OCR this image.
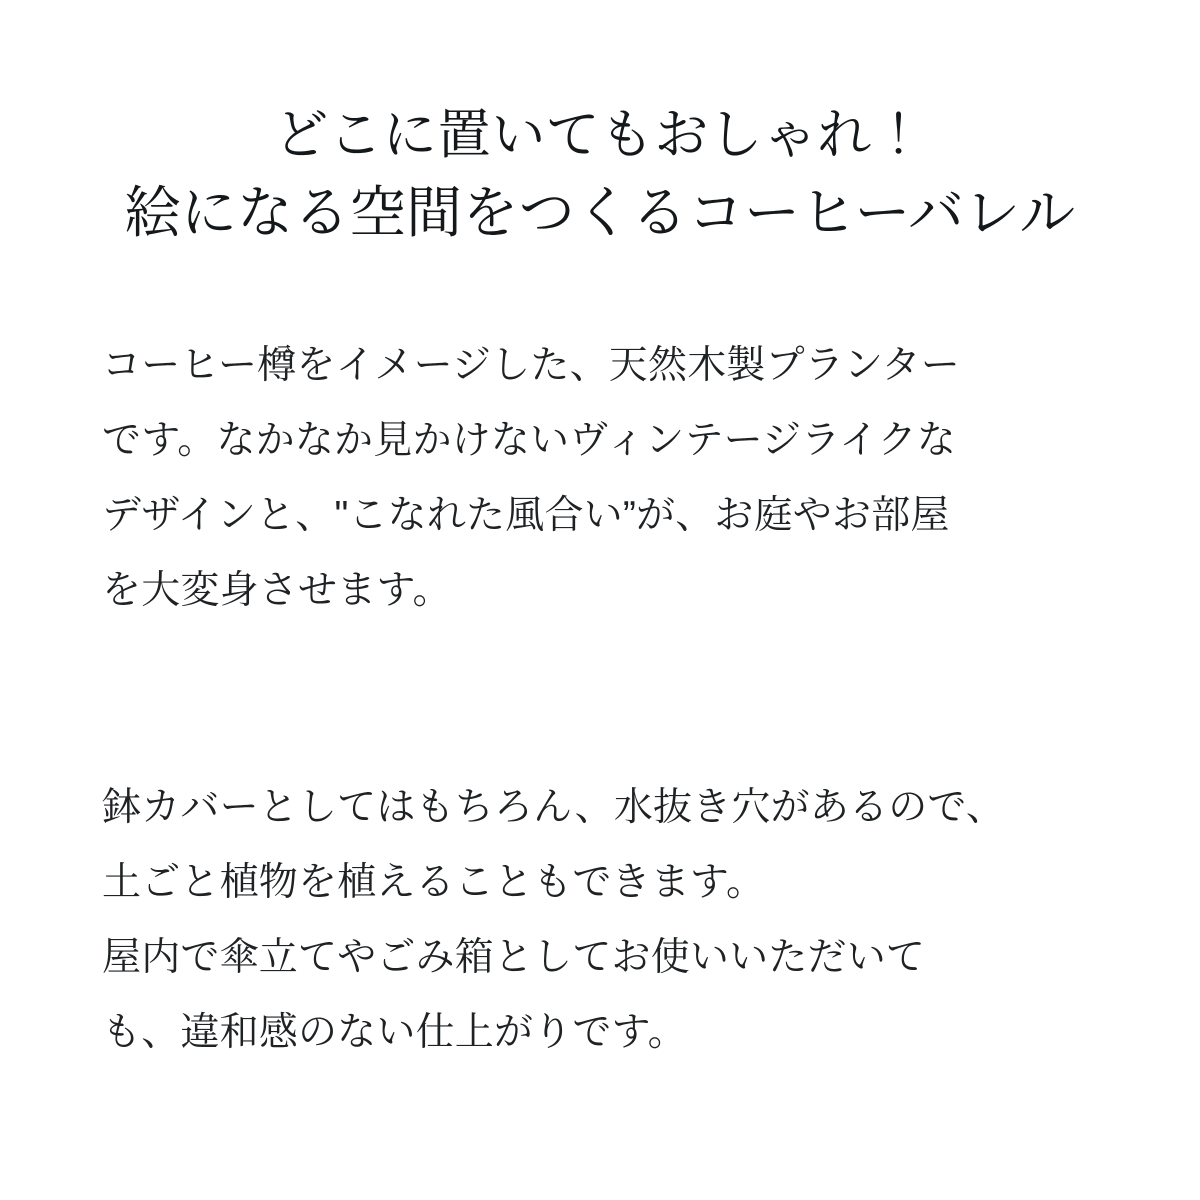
どこに置いてもおしゃれ！
絵になる空間をつくるコーヒーバレル

コーヒー樽をイメージした、天然木製プランター
です。なかなか見かけないヴィンテージライクな
デザインと、"こなれた風合い”が、お庭やお部屋
を大変身させます。

鉢カバーとしてはもちろん、水抜き穴があるので、
土ごと植物を植えることもできます。
屋内で傘立てやごみ箱としてお使いいただいて
も、違和感のない仕上がりです。
